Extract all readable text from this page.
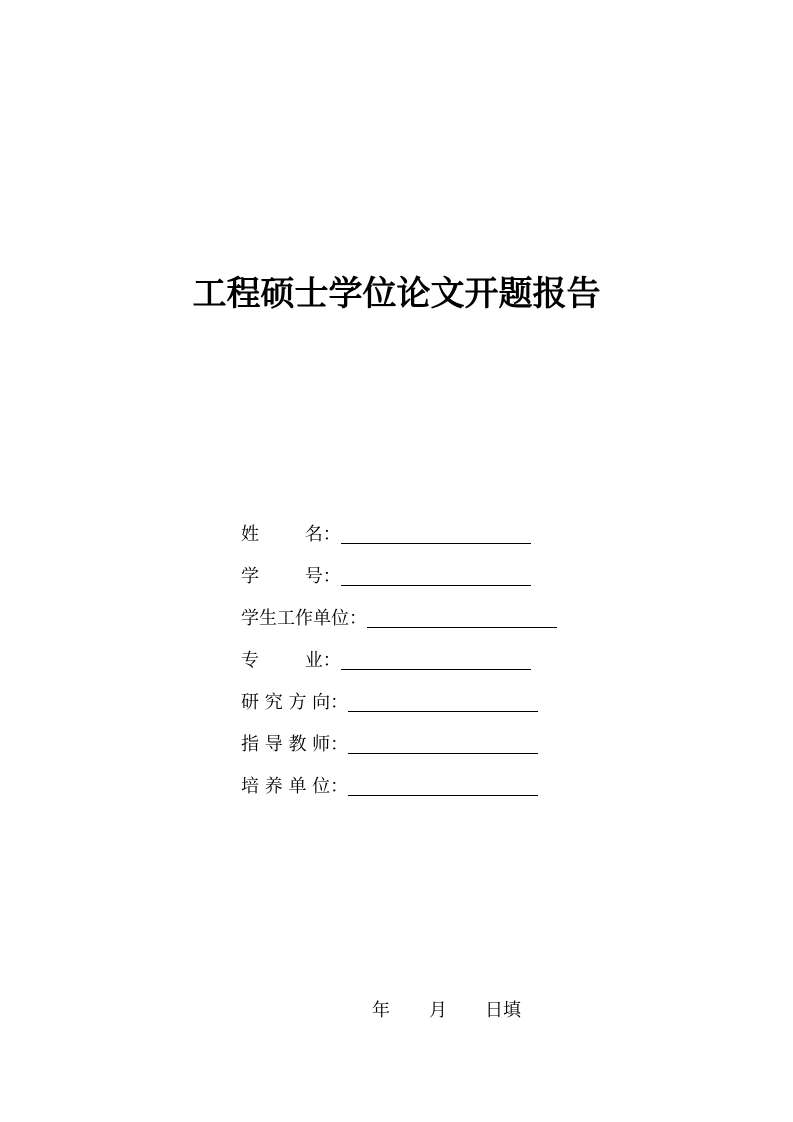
工程硕士学位论文开题报告
姓        名：
学        号：
学生工作单位：
专        业：
研 究 方 向：
指 导 教 师：
培 养 单 位：
年	月	日填
